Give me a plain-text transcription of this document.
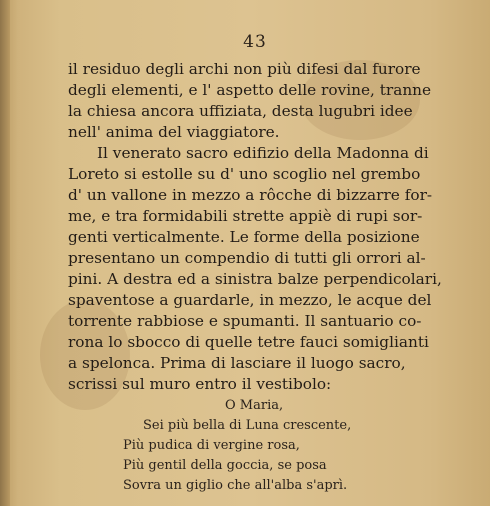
43
il residuo degli archi non più difesi dal furore
degli elementi, e l' aspetto delle rovine, tranne
la chiesa ancora uffiziata, desta lugubri idee
nell' anima del viaggiatore.
Il venerato sacro edifizio della Madonna di
Loreto si estolle su d' uno scoglio nel grembo
d' un vallone in mezzo a rôcche di bizzarre for-
me, e tra formidabili strette appiè di rupi sor-
genti verticalmente. Le forme della posizione
presentano un compendio di tutti gli orrori al-
pini. A destra ed a sinistra balze perpendicolari,
spaventose a guardarle, in mezzo, le acque del
torrente rabbiose e spumanti. Il santuario co-
rona lo sbocco di quelle tetre fauci somiglianti
a spelonca. Prima di lasciare il luogo sacro,
scrissi sul muro entro il vestibolo:
O Maria,
Sei più bella di Luna crescente,
Più pudica di vergine rosa,
Più gentil della goccia, se posa
Sovra un giglio che all'alba s'aprì.
